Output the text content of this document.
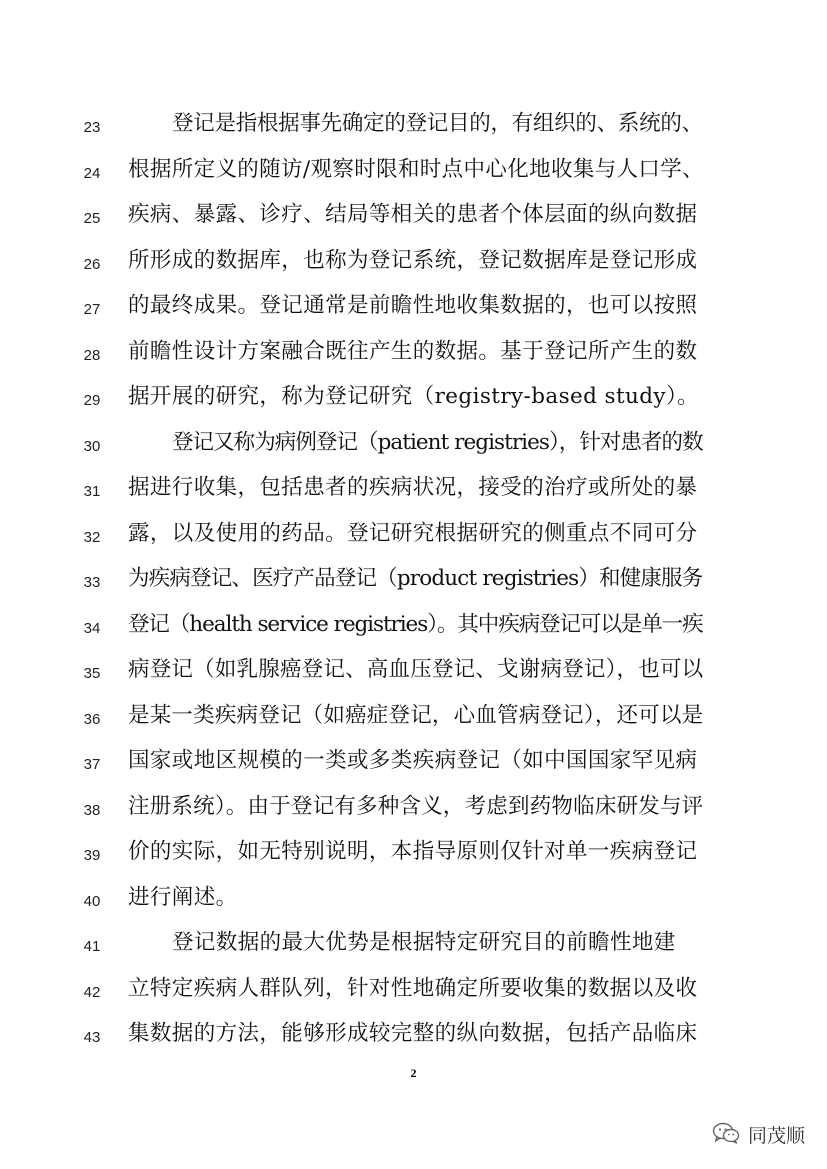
23	登记是指根据事先确定的登记目的，有组织的、系统的、
24	根据所定义的随访/观察时限和时点中心化地收集与人口学、
25	疾病、暴露、诊疗、结局等相关的患者个体层面的纵向数据
26	所形成的数据库，也称为登记系统，登记数据库是登记形成
27	的最终成果。登记通常是前瞻性地收集数据的，也可以按照
28	前瞻性设计方案融合既往产生的数据。基于登记所产生的数
29	据开展的研究，称为登记研究（registry-based study）。
30	登记又称为病例登记（patient registries），针对患者的数
31	据进行收集，包括患者的疾病状况，接受的治疗或所处的暴
32	露，以及使用的药品。登记研究根据研究的侧重点不同可分
33	为疾病登记、医疗产品登记（product registries）和健康服务
34	登记（health service registries）。其中疾病登记可以是单一疾
35	病登记（如乳腺癌登记、高血压登记、戈谢病登记），也可以
36	是某一类疾病登记（如癌症登记，心血管病登记），还可以是
37	国家或地区规模的一类或多类疾病登记（如中国国家罕见病
38	注册系统）。由于登记有多种含义，考虑到药物临床研发与评
39	价的实际，如无特别说明，本指导原则仅针对单一疾病登记
40	进行阐述。
41	登记数据的最大优势是根据特定研究目的前瞻性地建
42	立特定疾病人群队列，针对性地确定所要收集的数据以及收
43	集数据的方法，能够形成较完整的纵向数据，包括产品临床
2
同茂顺
